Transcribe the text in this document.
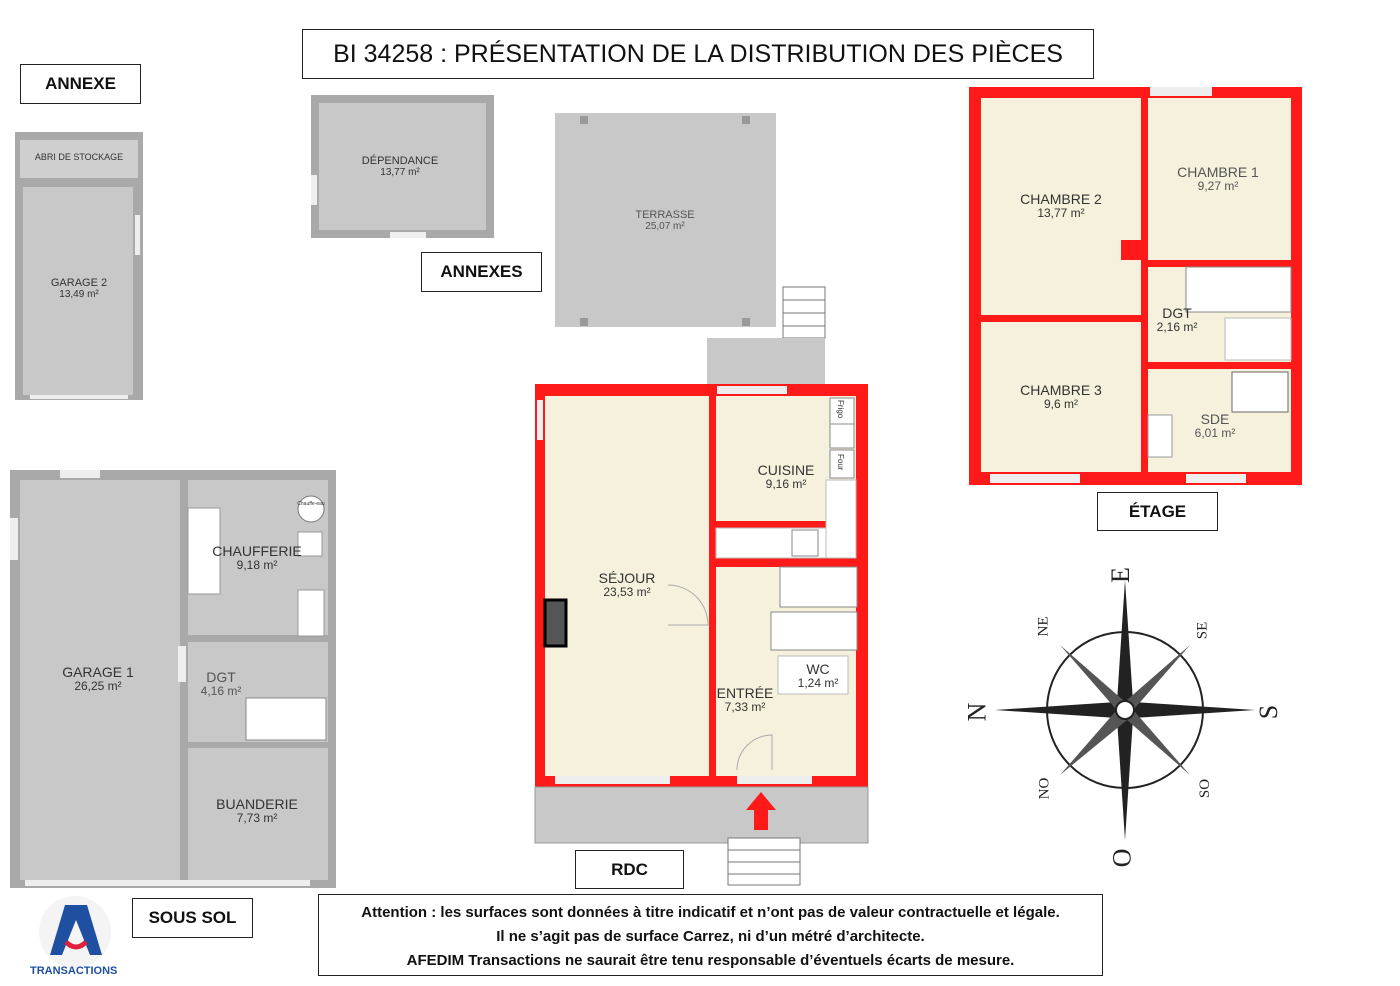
BI 34258 : PRÉSENTATION DE LA DISTRIBUTION DES PIÈCES
ANNEXE
ANNEXES
RDC
SOUS SOL
ÉTAGE
ABRI DE STOCKAGE
GARAGE 2
13,49 m²
DÉPENDANCE
13,77 m²
TERRASSE
25,07 m²
SÉJOUR
23,53 m²
CUISINE
9,16 m²
ENTRÉE
7,33 m²
WC
1,24 m²
Frigo
Four
GARAGE 1
26,25 m²
CHAUFFERIE
9,18 m²
DGT
4,16 m²
BUANDERIE
7,73 m²
Chauffe-eau
CHAMBRE 2
13,77 m²
CHAMBRE 1
9,27 m²
DGT
2,16 m²
CHAMBRE 3
9,6 m²
SDE
6,01 m²
N
E
S
O
NE	SE
SO
NO
Attention : les surfaces sont données à titre indicatif et n’ont pas de valeur contractuelle et légale.
Il ne s’agit pas de surface Carrez, ni d’un métré d’architecte.
AFEDIM Transactions ne saurait être tenu responsable d’éventuels écarts de mesure.
TRANSACTIONS
